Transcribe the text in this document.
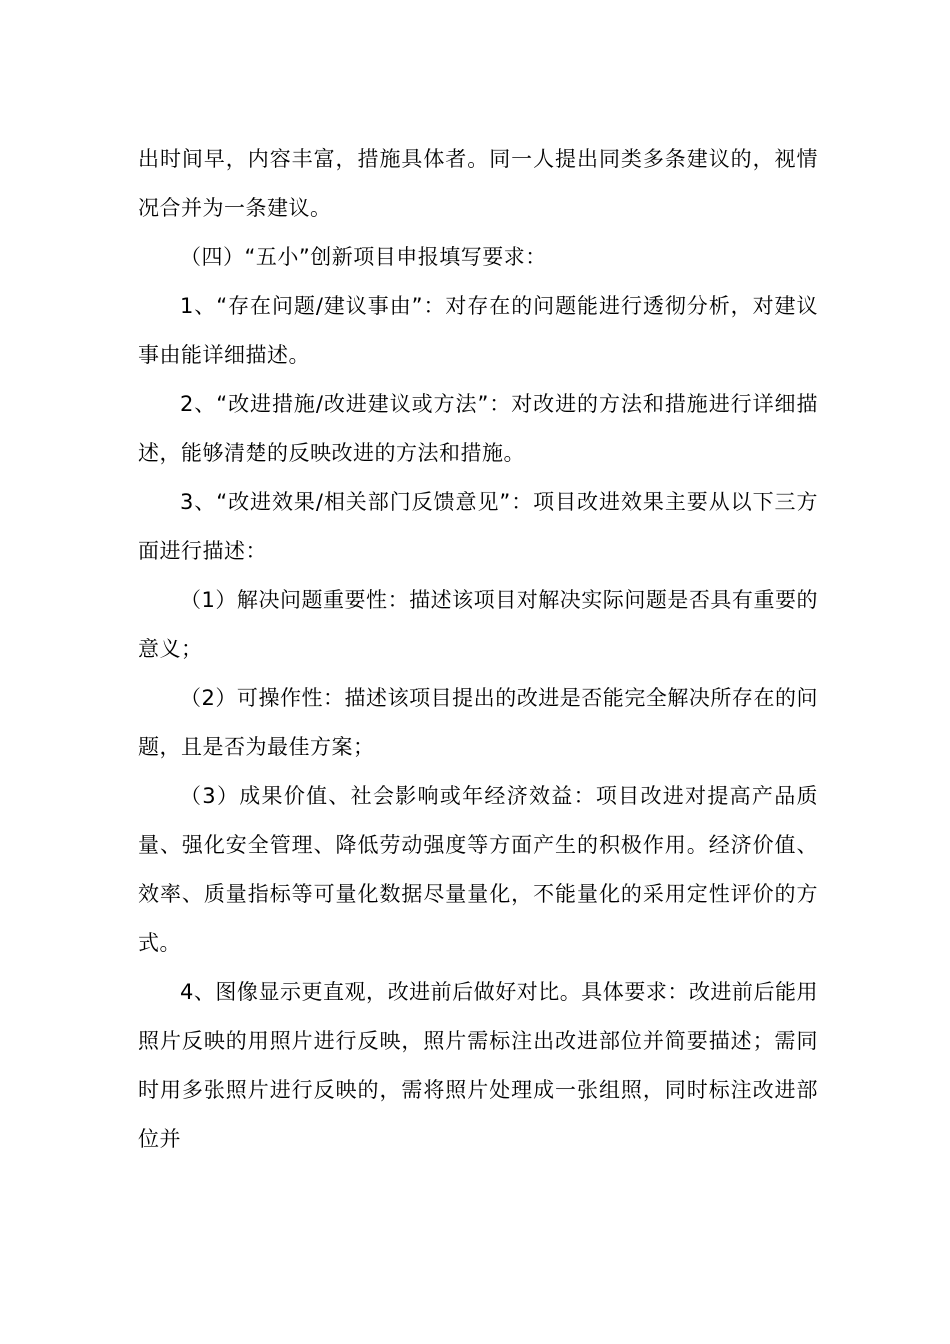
出时间早，内容丰富，措施具体者。同一人提出同类多条建议的，视情况合并为一条建议。

（四）“五小”创新项目申报填写要求：

1、“存在问题/建议事由”：对存在的问题能进行透彻分析，对建议事由能详细描述。

2、“改进措施/改进建议或方法”：对改进的方法和措施进行详细描述，能够清楚的反映改进的方法和措施。

3、“改进效果/相关部门反馈意见”：项目改进效果主要从以下三方面进行描述：

（1）解决问题重要性：描述该项目对解决实际问题是否具有重要的意义；

（2）可操作性：描述该项目提出的改进是否能完全解决所存在的问题，且是否为最佳方案；

（3）成果价值、社会影响或年经济效益：项目改进对提高产品质量、强化安全管理、降低劳动强度等方面产生的积极作用。经济价值、效率、质量指标等可量化数据尽量量化，不能量化的采用定性评价的方式。

4、图像显示更直观，改进前后做好对比。具体要求：改进前后能用照片反映的用照片进行反映，照片需标注出改进部位并简要描述；需同时用多张照片进行反映的，需将照片处理成一张组照，同时标注改进部位并
